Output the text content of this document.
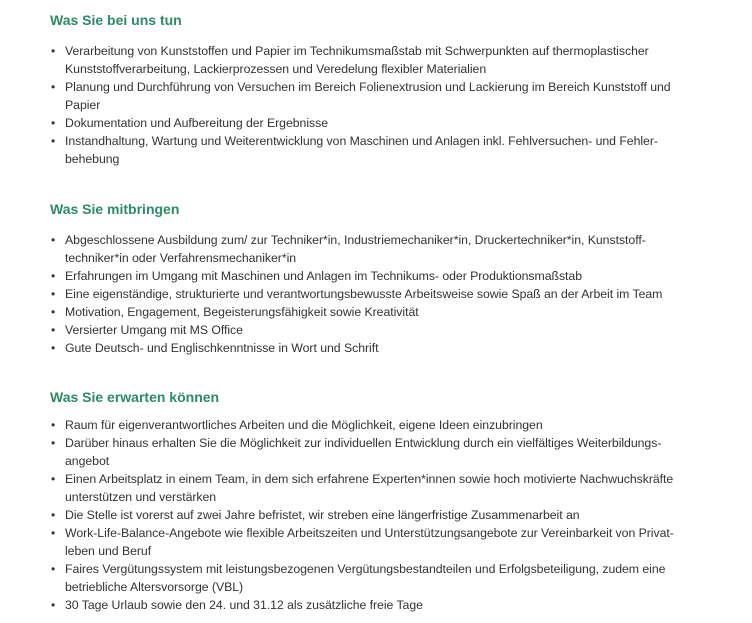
Was Sie bei uns tun
• Verarbeitung von Kunststoffen und Papier im Technikumsmaßstab mit Schwerpunkten auf thermoplastischer Kunststoffverarbeitung, Lackierprozessen und Veredelung flexibler Materialien
• Planung und Durchführung von Versuchen im Bereich Folienextrusion und Lackierung im Bereich Kunststoff und Papier
• Dokumentation und Aufbereitung der Ergebnisse
• Instandhaltung, Wartung und Weiterentwicklung von Maschinen und Anlagen inkl. Fehlversuchen- und Fehlerbehebung
Was Sie mitbringen
• Abgeschlossene Ausbildung zum/ zur Techniker*in, Industriemechaniker*in, Druckertechniker*in, Kunststofftechniker*in oder Verfahrensmechaniker*in
• Erfahrungen im Umgang mit Maschinen und Anlagen im Technikums- oder Produktionsmaßstab
• Eine eigenständige, strukturierte und verantwortungsbewusste Arbeitsweise sowie Spaß an der Arbeit im Team
• Motivation, Engagement, Begeisterungsfähigkeit sowie Kreativität
• Versierter Umgang mit MS Office
• Gute Deutsch- und Englischkenntnisse in Wort und Schrift
Was Sie erwarten können
• Raum für eigenverantwortliches Arbeiten und die Möglichkeit, eigene Ideen einzubringen
• Darüber hinaus erhalten Sie die Möglichkeit zur individuellen Entwicklung durch ein vielfältiges Weiterbildungsangebot
• Einen Arbeitsplatz in einem Team, in dem sich erfahrene Experten*innen sowie hoch motivierte Nachwuchskräfte unterstützen und verstärken
• Die Stelle ist vorerst auf zwei Jahre befristet, wir streben eine längerfristige Zusammenarbeit an
• Work-Life-Balance-Angebote wie flexible Arbeitszeiten und Unterstützungsangebote zur Vereinbarkeit von Privatleben und Beruf
• Faires Vergütungssystem mit leistungsbezogenen Vergütungsbestandteilen und Erfolgsbeteiligung, zudem eine betriebliche Altersvorsorge (VBL)
• 30 Tage Urlaub sowie den 24. und 31.12 als zusätzliche freie Tage
